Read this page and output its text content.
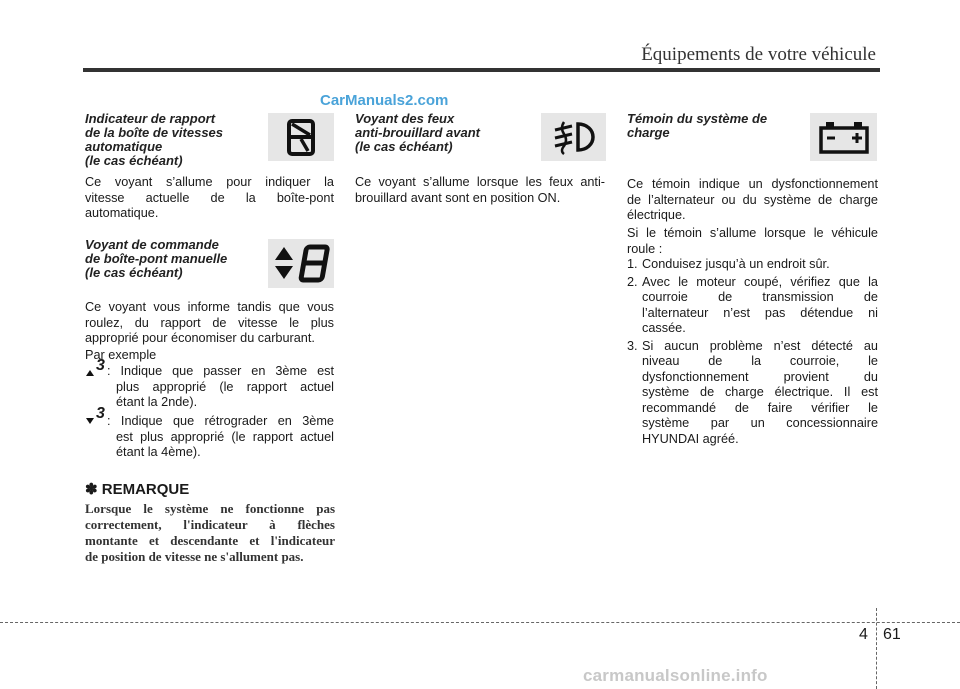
Équipements de votre véhicule
CarManuals2.com
Indicateur de rapport
de la boîte de vitesses
automatique
(le cas échéant)
Ce voyant s’allume pour indiquer la
vitesse actuelle de la boîte-pont
automatique.
Voyant de commande
de boîte-pont manuelle
(le cas échéant)
Ce voyant vous informe tandis que vous
roulez, du rapport de vitesse le plus
approprié pour économiser du carburant.
Par exemple
3 : Indique que passer en 3ème est
plus approprié (le rapport actuel
étant la 2nde).
3 : Indique que rétrograder en 3ème
est plus approprié (le rapport actuel
étant la 4ème).
✽ REMARQUE
Lorsque le système ne fonctionne pas
correctement, l'indicateur à flèches
montante et descendante et l'indicateur
de position de vitesse ne s'allument pas.
Voyant des feux
anti-brouillard avant
(le cas échéant)
Ce voyant s’allume lorsque les feux anti-
brouillard avant sont en position ON.
Témoin du système de
charge
Ce témoin indique un dysfonctionnement
de l’alternateur ou du système de charge
électrique.
Si le témoin s’allume lorsque le véhicule
roule :
1. Conduisez jusqu’à un endroit sûr.
2. Avec le moteur coupé, vérifiez que la
courroie de transmission de
l’alternateur n’est pas détendue ni
cassée.
3. Si aucun problème n’est détecté au
niveau de la courroie, le
dysfonctionnement provient du
système de charge électrique. Il est
recommandé de faire vérifier le
système par un concessionnaire
HYUNDAI agréé.
4 61
carmanualsonline.info
